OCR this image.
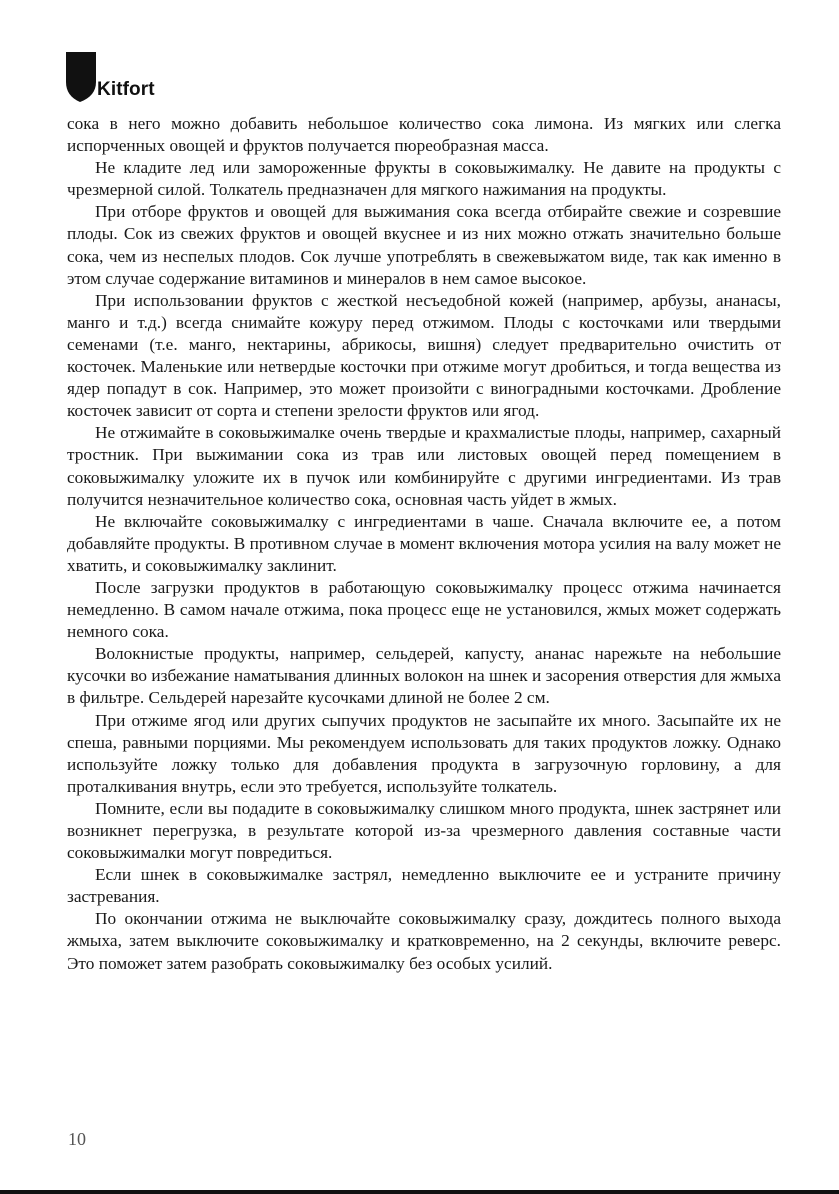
Kitfort

сока в него можно добавить небольшое количество сока лимона. Из мягких или слегка испорченных овощей и фруктов получается пюреобразная масса.

Не кладите лед или замороженные фрукты в соковыжималку. Не давите на продукты с чрезмерной силой. Толкатель предназначен для мягкого нажимания на продукты.

При отборе фруктов и овощей для выжимания сока всегда отбирайте свежие и созревшие плоды. Сок из свежих фруктов и овощей вкуснее и из них можно отжать значительно больше сока, чем из неспелых плодов. Сок лучше употреблять в свежевыжатом виде, так как именно в этом случае содержание витаминов и минералов в нем самое высокое.

При использовании фруктов с жесткой несъедобной кожей (например, арбузы, ананасы, манго и т.д.) всегда снимайте кожуру перед отжимом. Плоды с косточками или твердыми семенами (т.е. манго, нектарины, абрикосы, вишня) следует предварительно очистить от косточек. Маленькие или нетвердые косточки при отжиме могут дробиться, и тогда вещества из ядер попадут в сок. Например, это может произойти с виноградными косточками. Дробление косточек зависит от сорта и степени зрелости фруктов или ягод.

Не отжимайте в соковыжималке очень твердые и крахмалистые плоды, например, сахарный тростник. При выжимании сока из трав или листовых овощей перед помещением в соковыжималку уложите их в пучок или комбинируйте с другими ингредиентами. Из трав получится незначительное количество сока, основная часть уйдет в жмых.

Не включайте соковыжималку с ингредиентами в чаше. Сначала включите ее, а потом добавляйте продукты. В противном случае в момент включения мотора усилия на валу может не хватить, и соковыжималку заклинит.

После загрузки продуктов в работающую соковыжималку процесс отжима начинается немедленно. В самом начале отжима, пока процесс еще не установился, жмых может содержать немного сока.

Волокнистые продукты, например, сельдерей, капусту, ананас нарежьте на небольшие кусочки во избежание наматывания длинных волокон на шнек и засорения отверстия для жмыха в фильтре. Сельдерей нарезайте кусочками длиной не более 2 см.

При отжиме ягод или других сыпучих продуктов не засыпайте их много. Засыпайте их не спеша, равными порциями. Мы рекомендуем использовать для таких продуктов ложку. Однако используйте ложку только для добавления продукта в загрузочную горловину, а для проталкивания внутрь, если это требуется, используйте толкатель.

Помните, если вы подадите в соковыжималку слишком много продукта, шнек застрянет или возникнет перегрузка, в результате которой из-за чрезмерного давления составные части соковыжималки могут повредиться.

Если шнек в соковыжималке застрял, немедленно выключите ее и устраните причину застревания.

По окончании отжима не выключайте соковыжималку сразу, дождитесь полного выхода жмыха, затем выключите соковыжималку и кратковременно, на 2 секунды, включите реверс. Это поможет затем разобрать соковыжималку без особых усилий.

10
